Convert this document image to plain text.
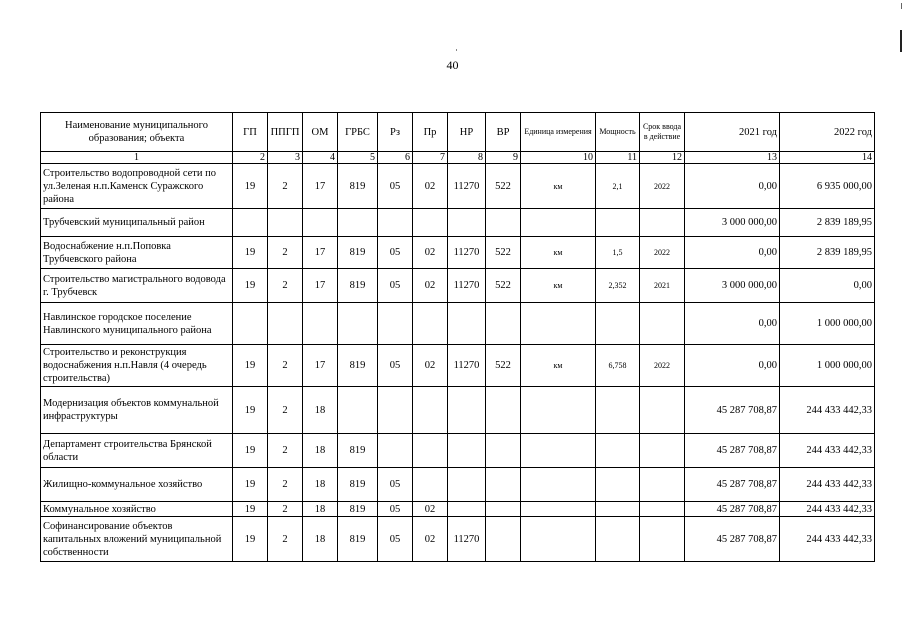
40
Наименование муниципального образования; объекта	ГП	ППГП	ОМ	ГРБС	Рз	Пр	НР	ВР	Единица измерения	Мощность	Срок ввода в действие	2021 год	2022 год
1	2	3	4	5	6	7	8	9	10	11	12	13	14
Строительство водопроводной сети по ул.Зеленая н.п.Каменск Суражского района	19	2	17	819	05	02	11270	522	км	2,1	2022	0,00	6 935 000,00
Трубчевский муниципальный район												3 000 000,00	2 839 189,95
Водоснабжение н.п.Поповка Трубчевского района	19	2	17	819	05	02	11270	522	км	1,5	2022	0,00	2 839 189,95
Строительство магистрального водовода г. Трубчевск	19	2	17	819	05	02	11270	522	км	2,352	2021	3 000 000,00	0,00
Навлинское городское поселение Навлинского муниципального района												0,00	1 000 000,00
Строительство и реконструкция водоснабжения н.п.Навля (4 очередь строительства)	19	2	17	819	05	02	11270	522	км	6,758	2022	0,00	1 000 000,00
Модернизация объектов коммунальной инфраструктуры	19	2	18									45 287 708,87	244 433 442,33
Департамент строительства Брянской области	19	2	18	819								45 287 708,87	244 433 442,33
Жилищно-коммунальное хозяйство	19	2	18	819	05							45 287 708,87	244 433 442,33
Коммунальное хозяйство	19	2	18	819	05	02						45 287 708,87	244 433 442,33
Софинансирование объектов капитальных вложений муниципальной собственности	19	2	18	819	05	02	11270					45 287 708,87	244 433 442,33
